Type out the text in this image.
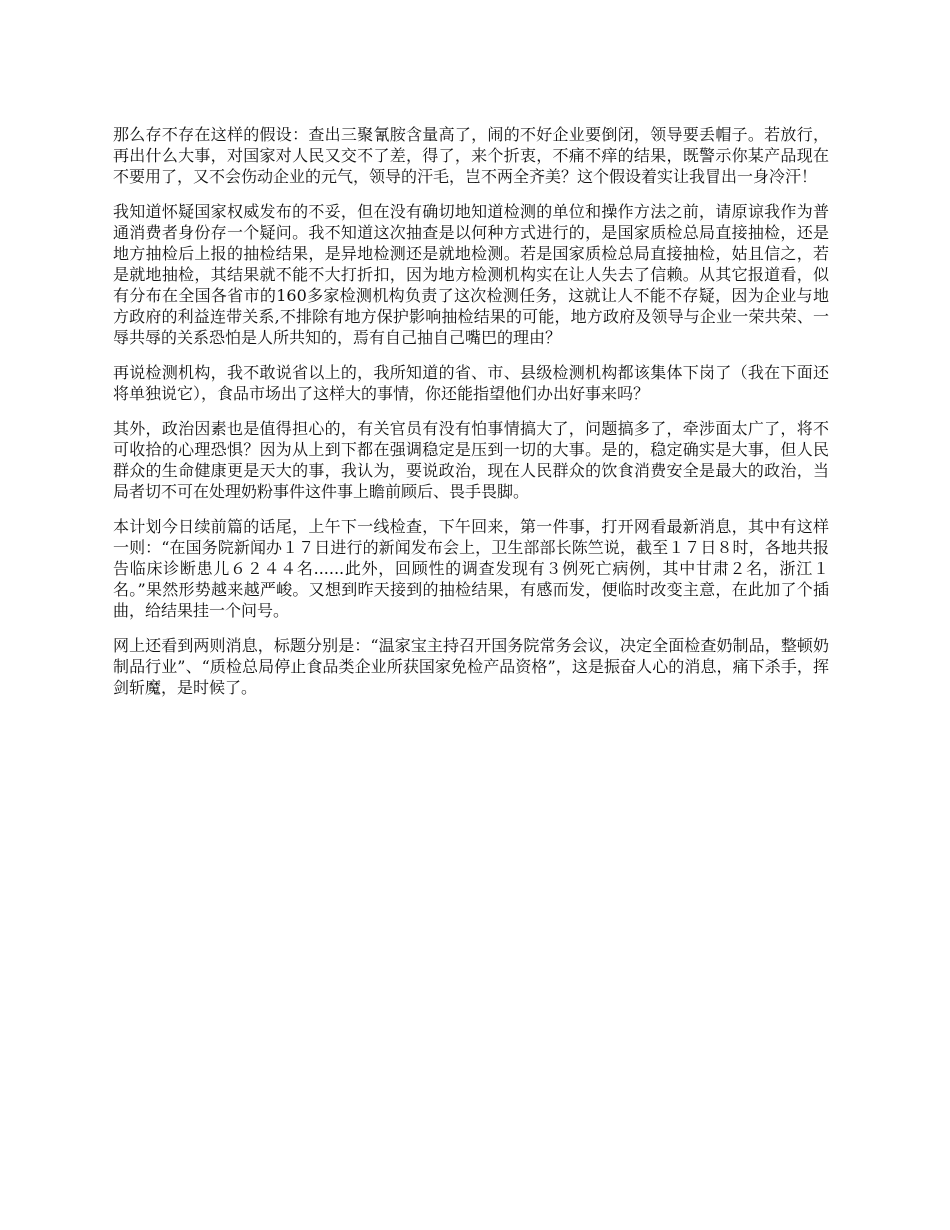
那么存不存在这样的假设：查出三聚氰胺含量高了，闹的不好企业要倒闭，领导要丢帽子。若放行，再出什么大事，对国家对人民又交不了差，得了，来个折衷，不痛不痒的结果，既警示你某产品现在不要用了，又不会伤动企业的元气，领导的汗毛，岂不两全齐美？这个假设着实让我冒出一身冷汗！

我知道怀疑国家权威发布的不妥，但在没有确切地知道检测的单位和操作方法之前，请原谅我作为普通消费者身份存一个疑问。我不知道这次抽查是以何种方式进行的，是国家质检总局直接抽检，还是地方抽检后上报的抽检结果，是异地检测还是就地检测。若是国家质检总局直接抽检，姑且信之，若是就地抽检，其结果就不能不大打折扣，因为地方检测机构实在让人失去了信赖。从其它报道看，似有分布在全国各省市的160多家检测机构负责了这次检测任务，这就让人不能不存疑，因为企业与地方政府的利益连带关系,不排除有地方保护影响抽检结果的可能，地方政府及领导与企业一荣共荣、一辱共辱的关系恐怕是人所共知的，焉有自己抽自己嘴巴的理由？

再说检测机构，我不敢说省以上的，我所知道的省、市、县级检测机构都该集体下岗了（我在下面还将单独说它），食品市场出了这样大的事情，你还能指望他们办出好事来吗？

其外，政治因素也是值得担心的，有关官员有没有怕事情搞大了，问题搞多了，牵涉面太广了，将不可收拾的心理恐惧？因为从上到下都在强调稳定是压到一切的大事。是的，稳定确实是大事，但人民群众的生命健康更是天大的事，我认为，要说政治，现在人民群众的饮食消费安全是最大的政治，当局者切不可在处理奶粉事件这件事上瞻前顾后、畏手畏脚。

本计划今日续前篇的话尾，上午下一线检查，下午回来，第一件事，打开网看最新消息，其中有这样一则：“在国务院新闻办１７日进行的新闻发布会上，卫生部部长陈竺说，截至１７日８时，各地共报告临床诊断患儿６２４４名......此外，回顾性的调查发现有３例死亡病例，其中甘肃２名，浙江１名。”果然形势越来越严峻。又想到昨天接到的抽检结果，有感而发，便临时改变主意，在此加了个插曲，给结果挂一个问号。

网上还看到两则消息，标题分别是：“温家宝主持召开国务院常务会议，决定全面检查奶制品，整顿奶制品行业”、“质检总局停止食品类企业所获国家免检产品资格”，这是振奋人心的消息，痛下杀手，挥剑斩魔，是时候了。
